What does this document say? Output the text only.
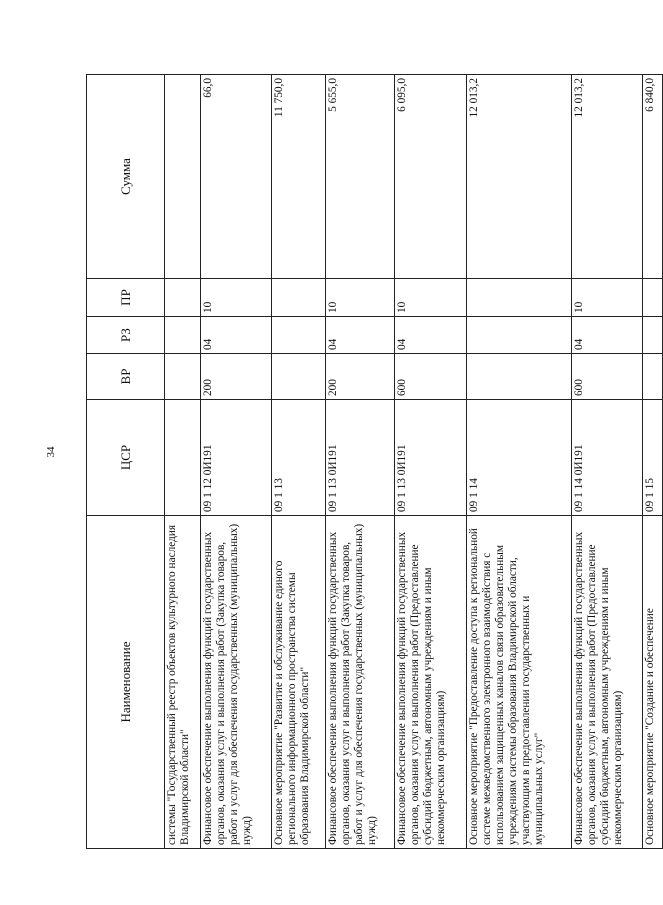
34
Наименование	ЦСР	ВР	РЗ	ПР	Сумма
системы "Государственный реестр объектов культурного наследия Владимирской области"					
Финансовое обеспечение выполнения функций государственных органов, оказания услуг и выполнения работ (Закупка товаров, работ и услуг для обеспечения государственных (муниципальных) нужд)	09 1 12 0И191	200	04	10	66,0
Основное мероприятие "Развитие и обслуживание единого регионального информационного пространства системы образования Владимирской области"	09 1 13				11 750,0
Финансовое обеспечение выполнения функций государственных органов, оказания услуг и выполнения работ (Закупка товаров, работ и услуг для обеспечения государственных (муниципальных) нужд)	09 1 13 0И191	200	04	10	5 655,0
Финансовое обеспечение выполнения функций государственных органов, оказания услуг и выполнения работ (Предоставление субсидий бюджетным, автономным учреждениям и иным некоммерческим организациям)	09 1 13 0И191	600	04	10	6 095,0
Основное мероприятие "Предоставление доступа к региональной системе межведомственного электронного взаимодействия с использованием защищенных каналов связи образовательным учреждениям системы образования Владимирской области, участвующим в предоставлении государственных и муниципальных услуг"	09 1 14				12 013,2
Финансовое обеспечение выполнения функций государственных органов, оказания услуг и выполнения работ (Предоставление субсидий бюджетным, автономным учреждениям и иным некоммерческим организациям)	09 1 14 0И191	600	04	10	12 013,2
Основное мероприятие "Создание и обеспечение	09 1 15				6 840,0
